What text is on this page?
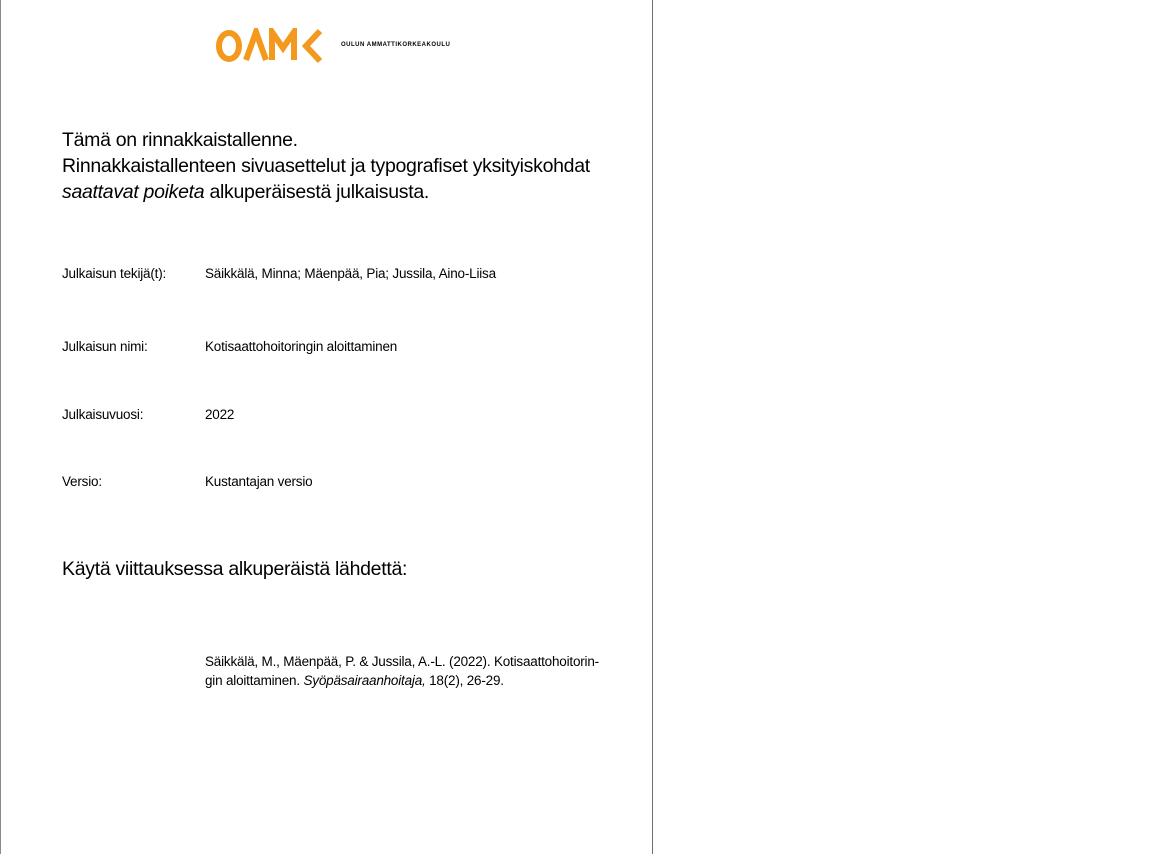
OULUN AMMATTIKORKEAKOULU
Tämä on rinnakkaistallenne.
Rinnakkaistallenteen sivuasettelut ja typografiset yksityiskohdat
saattavat poiketa alkuperäisestä julkaisusta.
Julkaisun tekijä(t):	Säikkälä, Minna; Mäenpää, Pia; Jussila, Aino-Liisa
Julkaisun nimi:	Kotisaattohoitoringin aloittaminen
Julkaisuvuosi:	2022
Versio:	Kustantajan versio
Käytä viittauksessa alkuperäistä lähdettä:
Säikkälä, M., Mäenpää, P. & Jussila, A.-L. (2022). Kotisaattohoitorin-
gin aloittaminen. Syöpäsairaanhoitaja, 18(2), 26-29.
